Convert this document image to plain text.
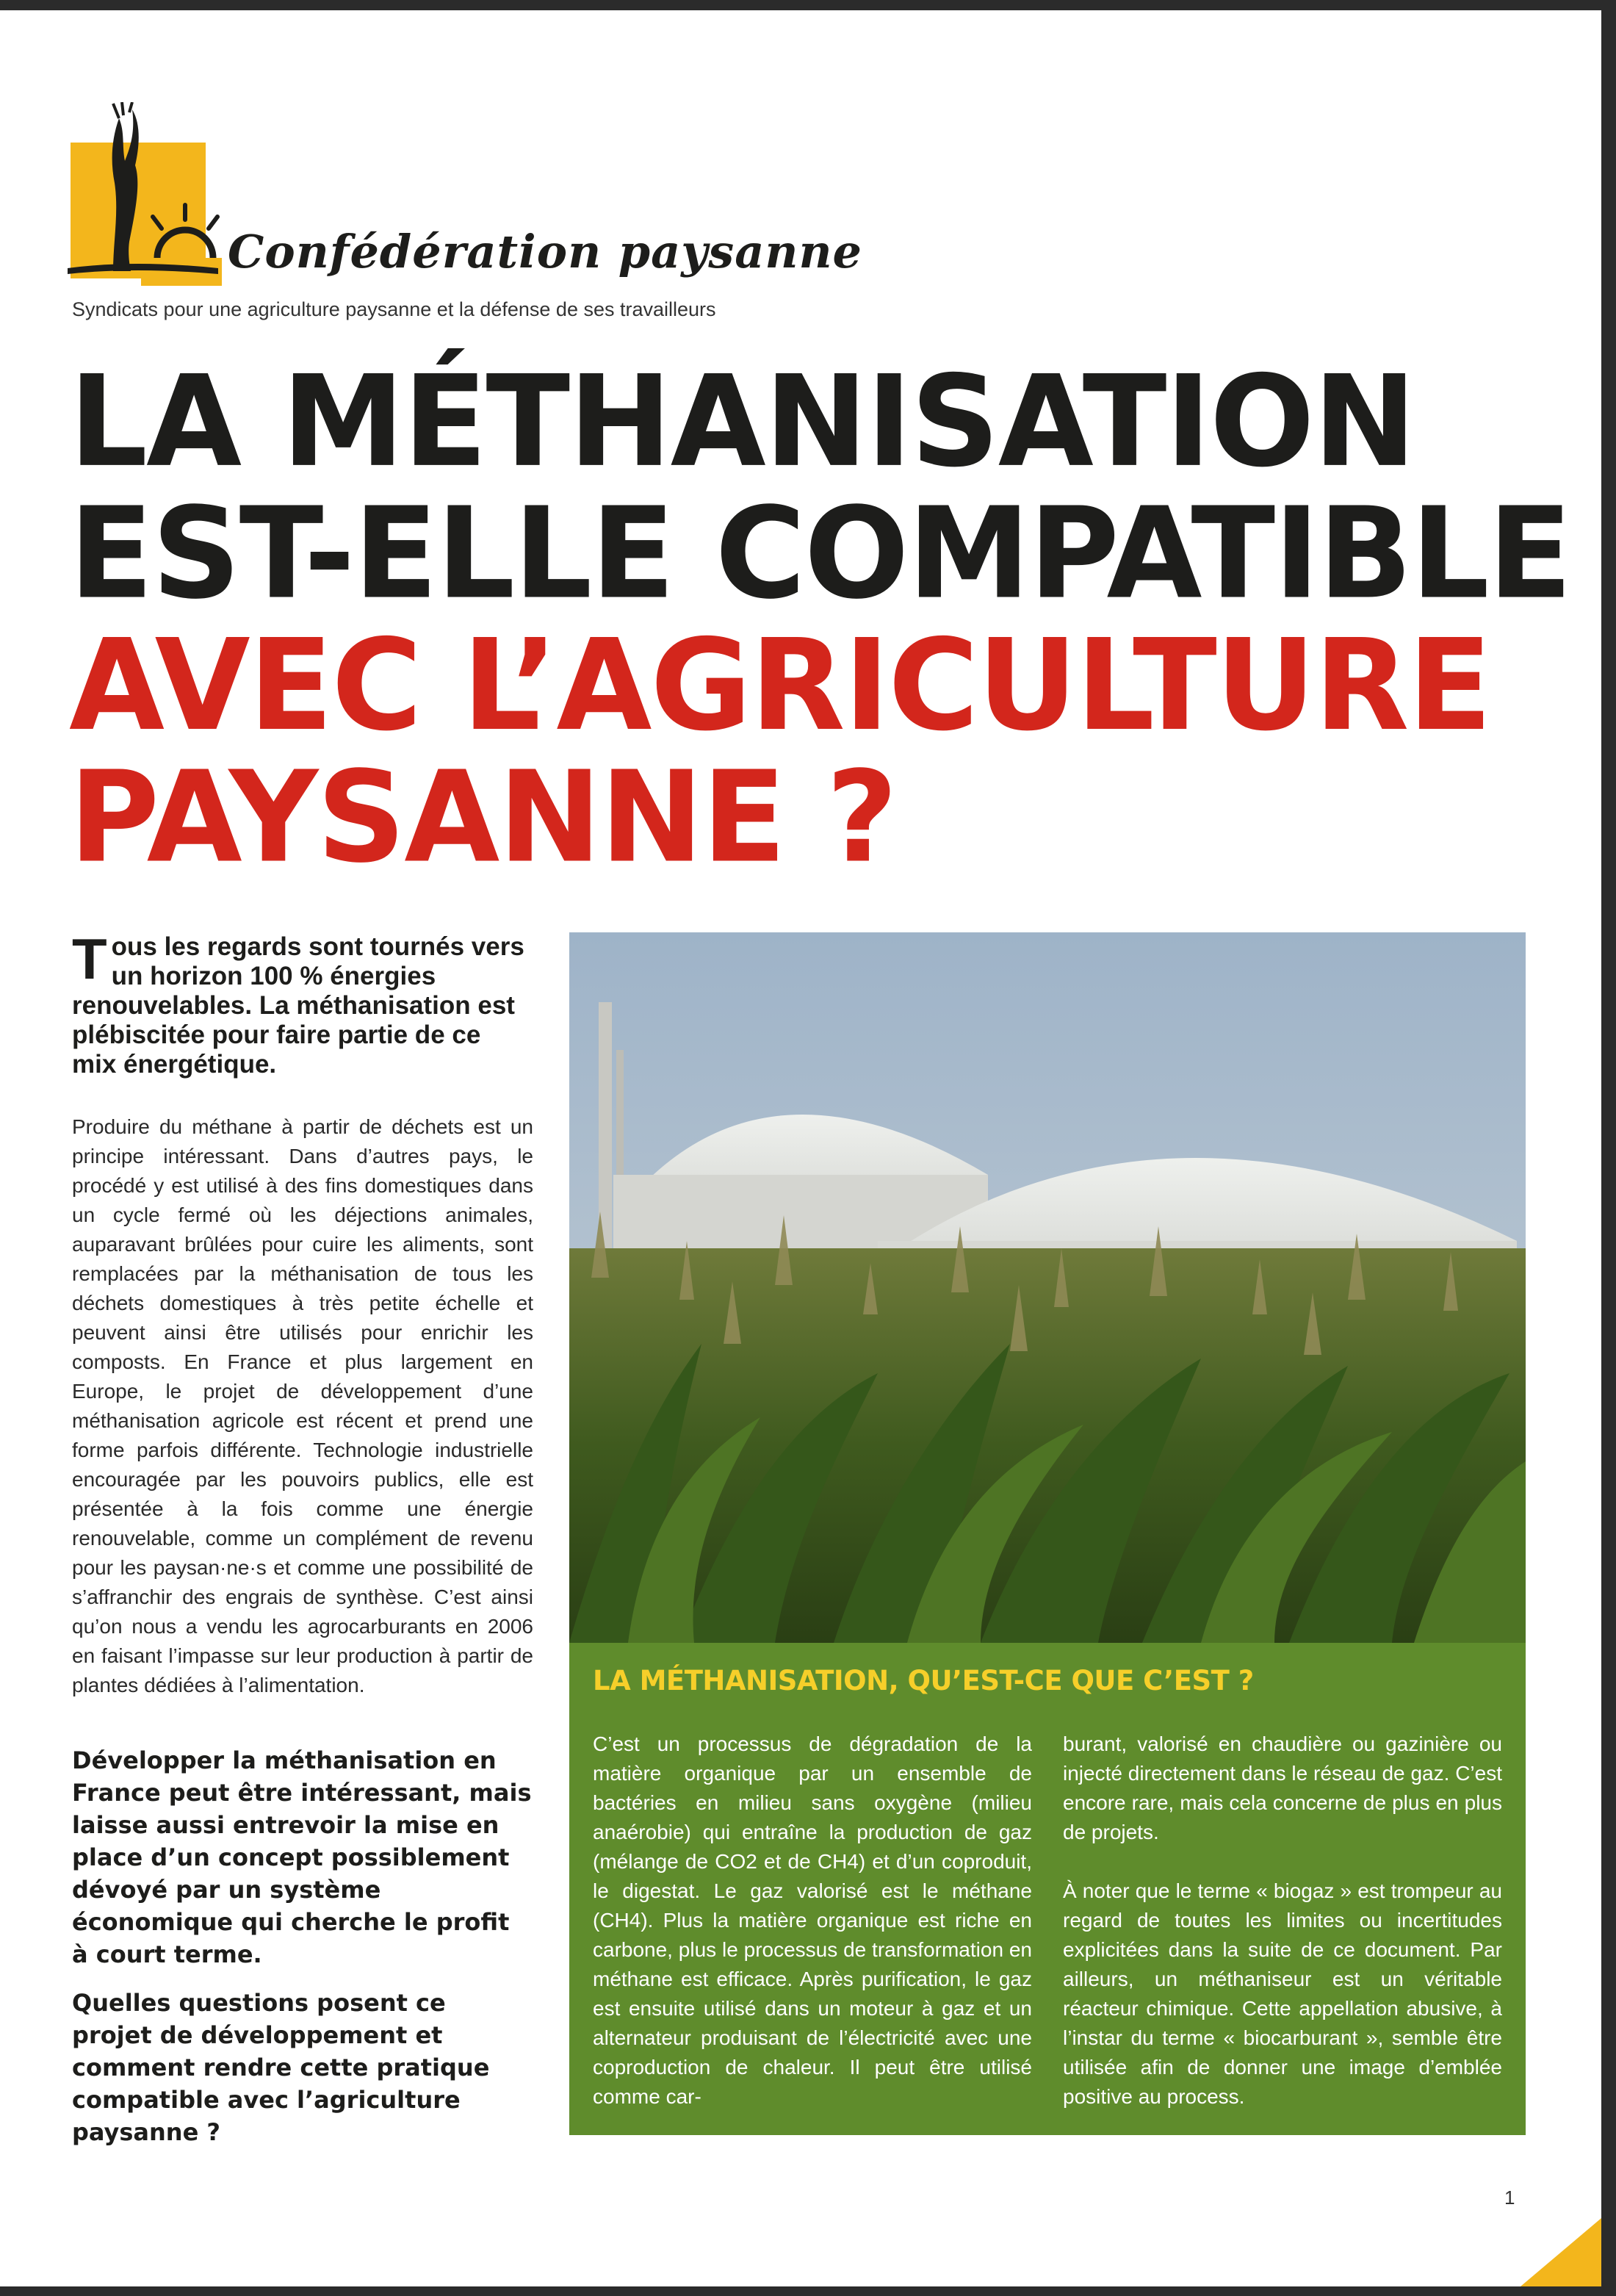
Confédération paysanne
Syndicats pour une agriculture paysanne et la défense de ses travailleurs
LA MÉTHANISATION
EST-ELLE COMPATIBLE
AVEC L’AGRICULTURE
PAYSANNE ?

Tous les regards sont tournés vers un horizon 100 % énergies renouvelables. La méthanisation est plébiscitée pour faire partie de ce mix énergétique.

Produire du méthane à partir de déchets est un principe intéressant. Dans d’autres pays, le procédé y est utilisé à des fins domestiques dans un cycle fermé où les déjections animales, auparavant brûlées pour cuire les aliments, sont remplacées par la méthanisation de tous les déchets domestiques à très petite échelle et peuvent ainsi être utilisés pour enrichir les composts. En France et plus largement en Europe, le projet de développement d’une méthanisation agricole est récent et prend une forme parfois différente. Technologie industrielle encouragée par les pouvoirs publics, elle est présentée à la fois comme une énergie renouvelable, comme un complément de revenu pour les paysan·ne·s et comme une possibilité de s’affranchir des engrais de synthèse. C’est ainsi qu’on nous a vendu les agrocarburants en 2006 en faisant l’impasse sur leur production à partir de plantes dédiées à l’alimentation.

Développer la méthanisation en France peut être intéressant, mais laisse aussi entrevoir la mise en place d’un concept possiblement dévoyé par un système économique qui cherche le profit à court terme.

Quelles questions posent ce projet de développement et comment rendre cette pratique compatible avec l’agriculture paysanne ?

LA MÉTHANISATION, QU’EST-CE QUE C’EST ?

C’est un processus de dégradation de la matière organique par un ensemble de bactéries en milieu sans oxygène (milieu anaérobie) qui entraîne la production de gaz (mélange de CO2 et de CH4) et d’un coproduit, le digestat. Le gaz valorisé est le méthane (CH4). Plus la matière organique est riche en carbone, plus le processus de transformation en méthane est efficace. Après purification, le gaz est ensuite utilisé dans un moteur à gaz et un alternateur produisant de l’électricité avec une coproduction de chaleur. Il peut être utilisé comme car-

burant, valorisé en chaudière ou gazinière ou injecté directement dans le réseau de gaz. C’est encore rare, mais cela concerne de plus en plus de projets.

À noter que le terme « biogaz » est trompeur au regard de toutes les limites ou incertitudes explicitées dans la suite de ce document. Par ailleurs, un méthaniseur est un véritable réacteur chimique. Cette appellation abusive, à l’instar du terme « biocarburant », semble être utilisée afin de donner une image d’emblée positive au process.

1
